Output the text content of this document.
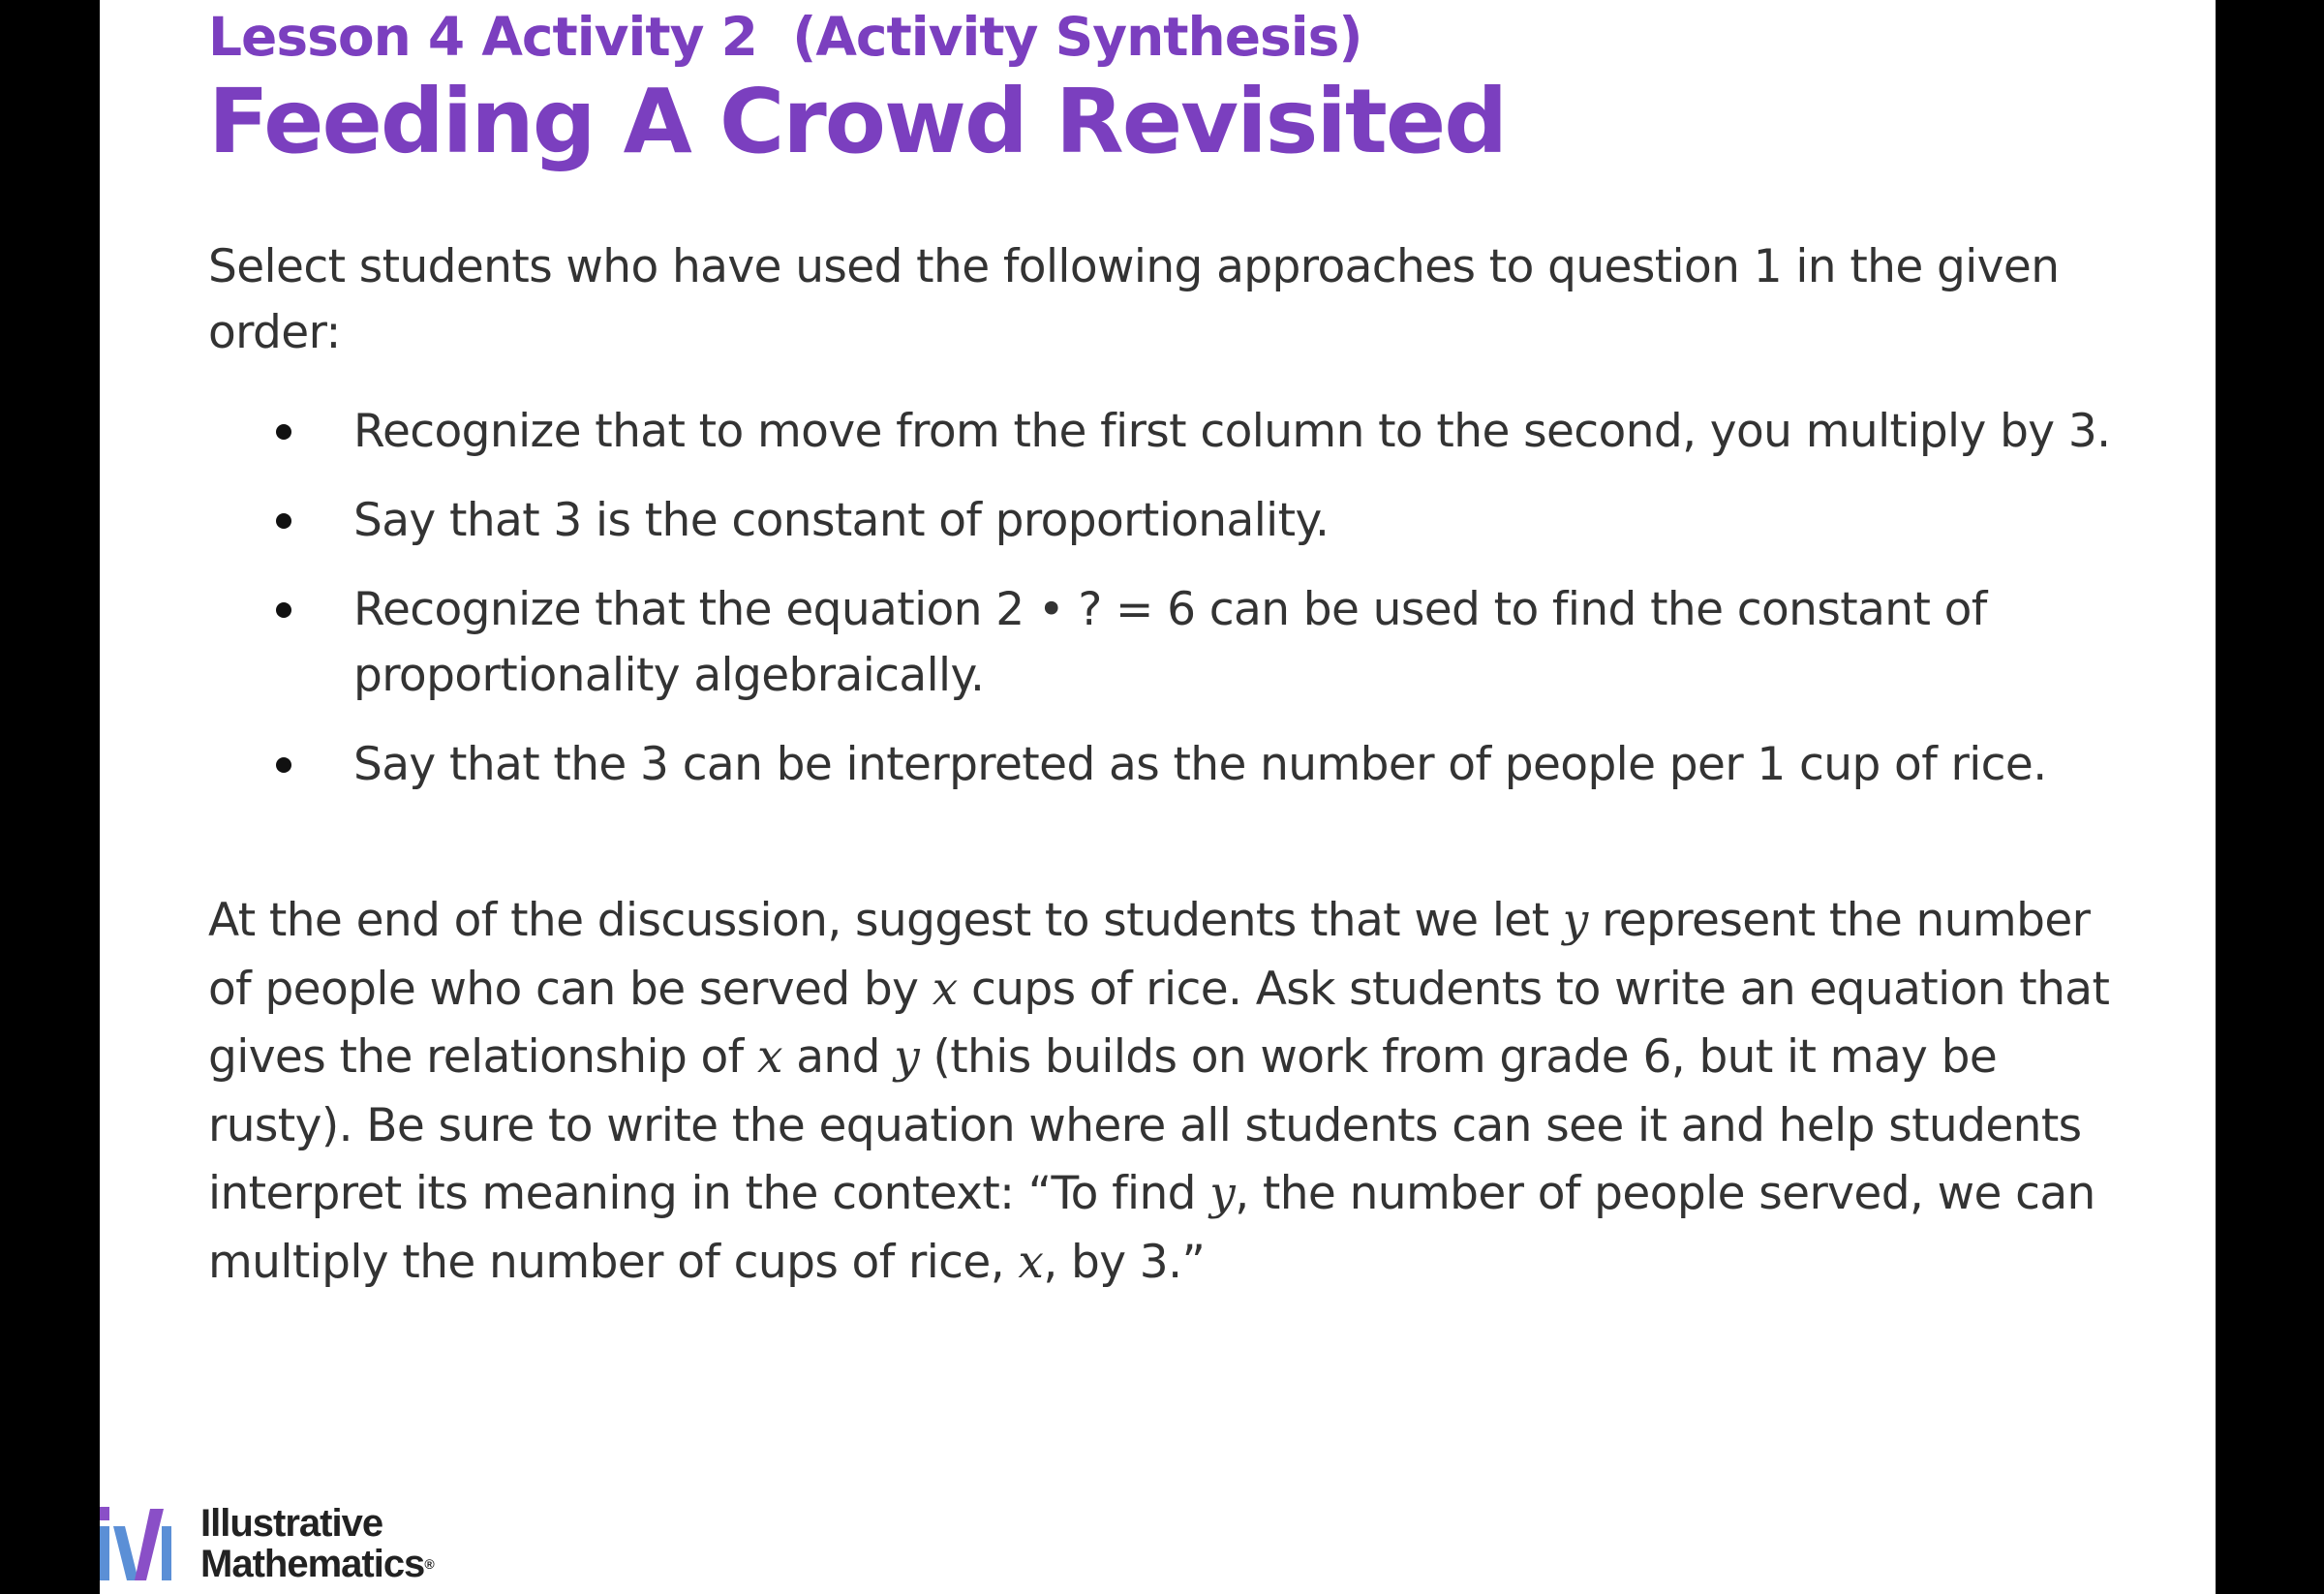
Lesson 4 Activity 2  (Activity Synthesis)
Feeding A Crowd Revisited
Select students who have used the following approaches to question 1 in the given order:
Recognize that to move from the first column to the second, you multiply by 3.
Say that 3 is the constant of proportionality.
Recognize that the equation 2 • ? = 6 can be used to find the constant of proportionality algebraically.
Say that the 3 can be interpreted as the number of people per 1 cup of rice.
At the end of the discussion, suggest to students that we let y represent the number of people who can be served by x cups of rice. Ask students to write an equation that gives the relationship of x and y (this builds on work from grade 6, but it may be rusty). Be sure to write the equation where all students can see it and help students interpret its meaning in the context: “To find y, the number of people served, we can multiply the number of cups of rice, x, by 3.”
Illustrative
Mathematics®
